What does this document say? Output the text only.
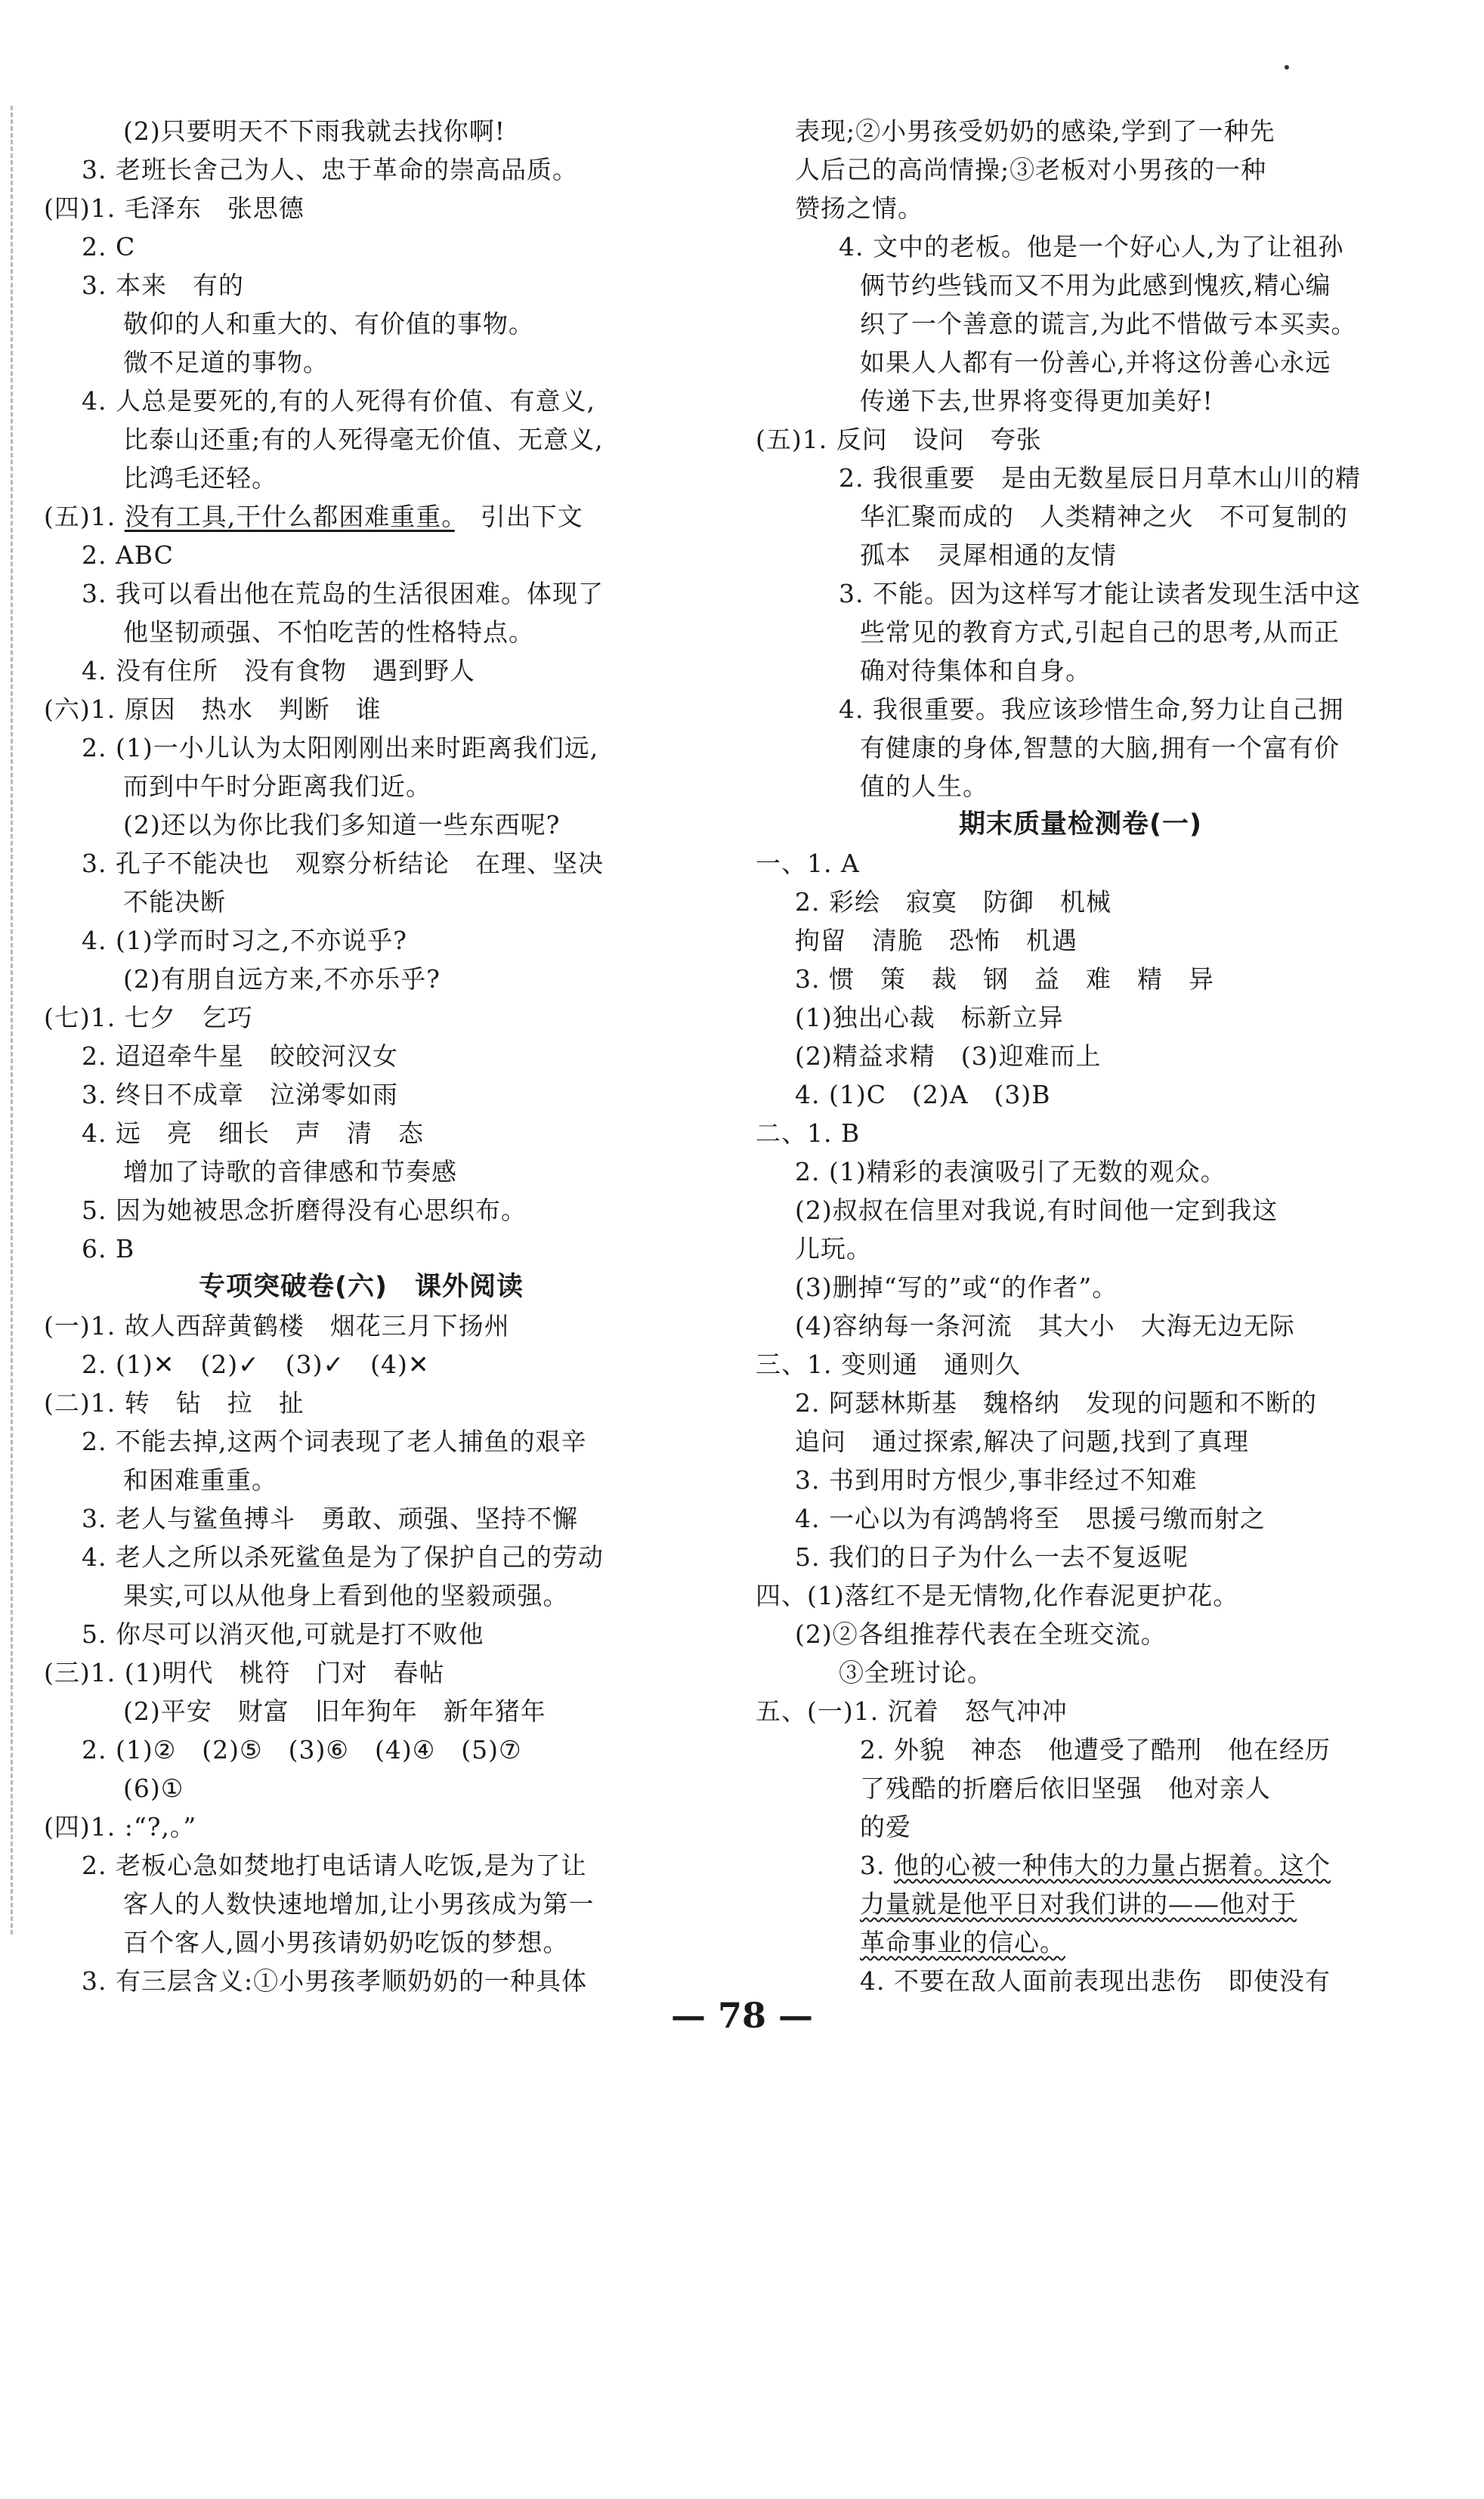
(2)只要明天不下雨我就去找你啊!
3. 老班长舍己为人、忠于革命的崇高品质。
(四)1. 毛泽东　张思德
2. C
3. 本来　有的
敬仰的人和重大的、有价值的事物。
微不足道的事物。
4. 人总是要死的,有的人死得有价值、有意义,
比泰山还重;有的人死得毫无价值、无意义,
比鸿毛还轻。
(五)1. 没有工具,干什么都困难重重。　引出下文
2. ABC
3. 我可以看出他在荒岛的生活很困难。体现了
他坚韧顽强、不怕吃苦的性格特点。
4. 没有住所　没有食物　遇到野人
(六)1. 原因　热水　判断　谁
2. (1)一小儿认为太阳刚刚出来时距离我们远,
而到中午时分距离我们近。
(2)还以为你比我们多知道一些东西呢?
3. 孔子不能决也　观察分析结论　在理、坚决
不能决断
4. (1)学而时习之,不亦说乎?
(2)有朋自远方来,不亦乐乎?
(七)1. 七夕　乞巧
2. 迢迢牵牛星　皎皎河汉女
3. 终日不成章　泣涕零如雨
4. 远　亮　细长　声　清　态
增加了诗歌的音律感和节奏感
5. 因为她被思念折磨得没有心思织布。
6. B
专项突破卷(六)　课外阅读
(一)1. 故人西辞黄鹤楼　烟花三月下扬州
2. (1)✕　(2)✓　(3)✓　(4)✕
(二)1. 转　钻　拉　扯
2. 不能去掉,这两个词表现了老人捕鱼的艰辛
和困难重重。
3. 老人与鲨鱼搏斗　勇敢、顽强、坚持不懈
4. 老人之所以杀死鲨鱼是为了保护自己的劳动
果实,可以从他身上看到他的坚毅顽强。
5. 你尽可以消灭他,可就是打不败他
(三)1. (1)明代　桃符　门对　春帖
(2)平安　财富　旧年狗年　新年猪年
2. (1)②　(2)⑤　(3)⑥　(4)④　(5)⑦
(6)①
(四)1. :“?,。”
2. 老板心急如焚地打电话请人吃饭,是为了让
客人的人数快速地增加,让小男孩成为第一
百个客人,圆小男孩请奶奶吃饭的梦想。
3. 有三层含义:①小男孩孝顺奶奶的一种具体
表现;②小男孩受奶奶的感染,学到了一种先
人后己的高尚情操;③老板对小男孩的一种
赞扬之情。
4. 文中的老板。他是一个好心人,为了让祖孙
俩节约些钱而又不用为此感到愧疚,精心编
织了一个善意的谎言,为此不惜做亏本买卖。
如果人人都有一份善心,并将这份善心永远
传递下去,世界将变得更加美好!
(五)1. 反问　设问　夸张
2. 我很重要　是由无数星辰日月草木山川的精
华汇聚而成的　人类精神之火　不可复制的
孤本　灵犀相通的友情
3. 不能。因为这样写才能让读者发现生活中这
些常见的教育方式,引起自己的思考,从而正
确对待集体和自身。
4. 我很重要。我应该珍惜生命,努力让自己拥
有健康的身体,智慧的大脑,拥有一个富有价
值的人生。
期末质量检测卷(一)
一、1. A
2. 彩绘　寂寞　防御　机械
拘留　清脆　恐怖　机遇
3. 惯　策　裁　钢　益　难　精　异
(1)独出心裁　标新立异
(2)精益求精　(3)迎难而上
4. (1)C　(2)A　(3)B
二、1. B
2. (1)精彩的表演吸引了无数的观众。
(2)叔叔在信里对我说,有时间他一定到我这
儿玩。
(3)删掉“写的”或“的作者”。
(4)容纳每一条河流　其大小　大海无边无际
三、1. 变则通　通则久
2. 阿瑟林斯基　魏格纳　发现的问题和不断的
追问　通过探索,解决了问题,找到了真理
3. 书到用时方恨少,事非经过不知难
4. 一心以为有鸿鹄将至　思援弓缴而射之
5. 我们的日子为什么一去不复返呢
四、(1)落红不是无情物,化作春泥更护花。
(2)②各组推荐代表在全班交流。
③全班讨论。
五、(一)1. 沉着　怒气冲冲
2. 外貌　神态　他遭受了酷刑　他在经历
了残酷的折磨后依旧坚强　他对亲人
的爱
3. 他的心被一种伟大的力量占据着。这个
力量就是他平日对我们讲的——他对于
革命事业的信心。
4. 不要在敌人面前表现出悲伤　即使没有
— 78 —
